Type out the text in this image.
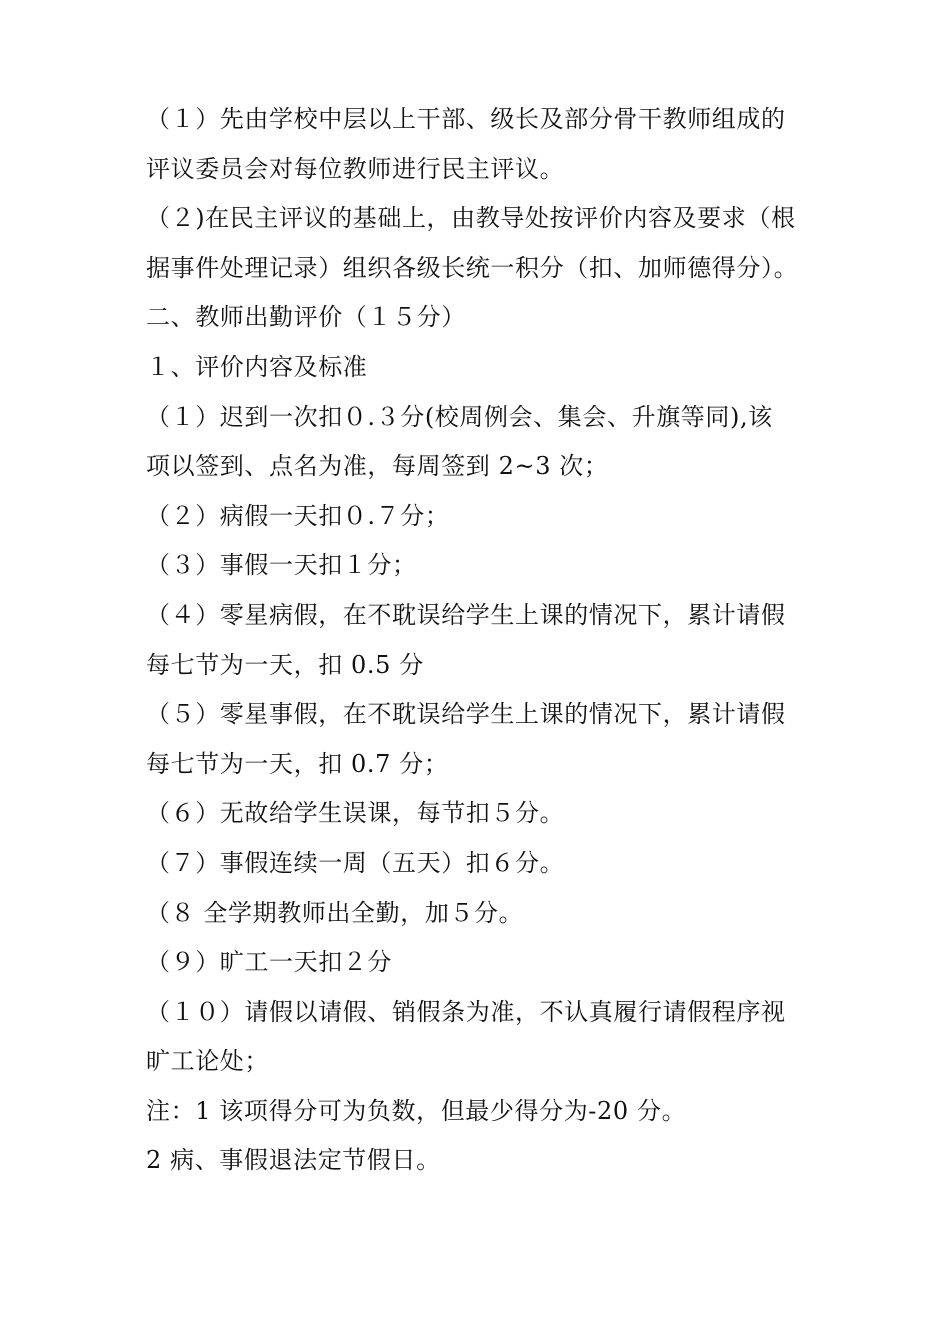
（１）先由学校中层以上干部、级长及部分骨干教师组成的
评议委员会对每位教师进行民主评议。
（２)在民主评议的基础上，由教导处按评价内容及要求（根
据事件处理记录）组织各级长统一积分（扣、加师德得分）。
二、教师出勤评价（１５分）
１、评价内容及标准
（１）迟到一次扣０.３分(校周例会、集会、升旗等同),该
项以签到、点名为准，每周签到 2~3 次；
（２）病假一天扣０.７分；
（３）事假一天扣１分；
（４）零星病假，在不耽误给学生上课的情况下，累计请假
每七节为一天，扣 0.5 分
（５）零星事假，在不耽误给学生上课的情况下，累计请假
每七节为一天，扣 0.7 分；
（６）无故给学生误课，每节扣５分。
（７）事假连续一周（五天）扣６分。
（８ 全学期教师出全勤，加５分。
（９）旷工一天扣２分
（１０）请假以请假、销假条为准，不认真履行请假程序视
旷工论处；
注：1 该项得分可为负数，但最少得分为-20 分。
2 病、事假退法定节假日。
